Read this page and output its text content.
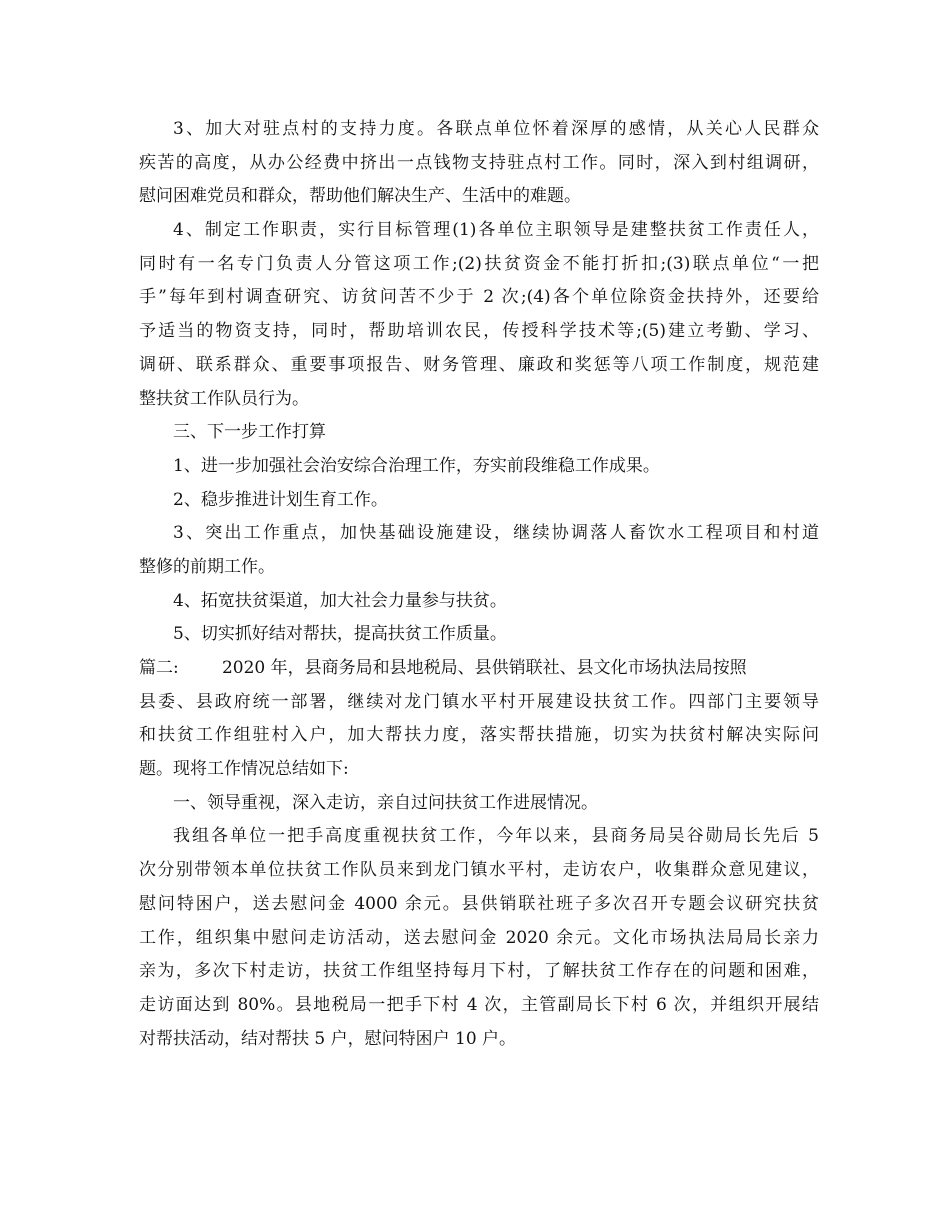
3、加大对驻点村的支持力度。各联点单位怀着深厚的感情，从关心人民群众
疾苦的高度，从办公经费中挤出一点钱物支持驻点村工作。同时，深入到村组调研，
慰问困难党员和群众，帮助他们解决生产、生活中的难题。
4、制定工作职责，实行目标管理(1)各单位主职领导是建整扶贫工作责任人，
同时有一名专门负责人分管这项工作;(2)扶贫资金不能打折扣;(3)联点单位“一把
手”每年到村调查研究、访贫问苦不少于 2 次;(4)各个单位除资金扶持外，还要给
予适当的物资支持，同时，帮助培训农民，传授科学技术等;(5)建立考勤、学习、
调研、联系群众、重要事项报告、财务管理、廉政和奖惩等八项工作制度，规范建
整扶贫工作队员行为。
三、下一步工作打算
1、进一步加强社会治安综合治理工作，夯实前段维稳工作成果。
2、稳步推进计划生育工作。
3、突出工作重点，加快基础设施建设，继续协调落人畜饮水工程项目和村道
整修的前期工作。
4、拓宽扶贫渠道，加大社会力量参与扶贫。
5、切实抓好结对帮扶，提高扶贫工作质量。
篇二:        2020 年，县商务局和县地税局、县供销联社、县文化市场执法局按照
县委、县政府统一部署，继续对龙门镇水平村开展建设扶贫工作。四部门主要领导
和扶贫工作组驻村入户，加大帮扶力度，落实帮扶措施，切实为扶贫村解决实际问
题。现将工作情况总结如下:
一、领导重视，深入走访，亲自过问扶贫工作进展情况。
我组各单位一把手高度重视扶贫工作，今年以来，县商务局吴谷勋局长先后 5
次分别带领本单位扶贫工作队员来到龙门镇水平村，走访农户，收集群众意见建议，
慰问特困户，送去慰问金 4000 余元。县供销联社班子多次召开专题会议研究扶贫
工作，组织集中慰问走访活动，送去慰问金 2020 余元。文化市场执法局局长亲力
亲为，多次下村走访，扶贫工作组坚持每月下村，了解扶贫工作存在的问题和困难，
走访面达到 80%。县地税局一把手下村 4 次，主管副局长下村 6 次，并组织开展结
对帮扶活动，结对帮扶 5 户，慰问特困户 10 户。
